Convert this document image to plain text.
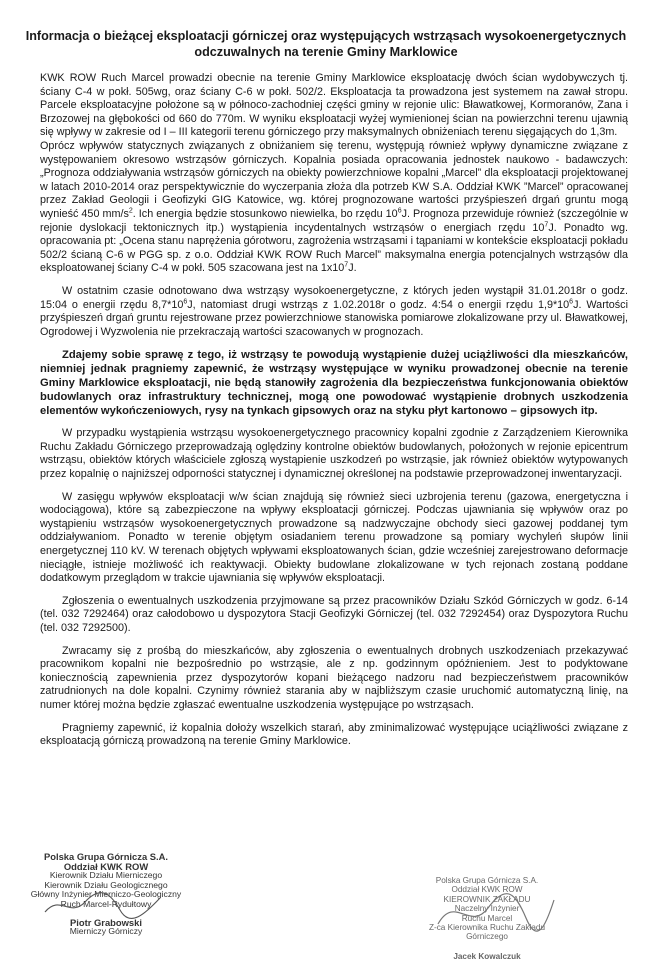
Informacja o bieżącej eksploatacji górniczej oraz występujących wstrząsach wysokoenergetycznych odczuwalnych na terenie Gminy Marklowice

KWK ROW Ruch Marcel prowadzi obecnie na terenie Gminy Marklowice eksploatację dwóch ścian wydobywczych tj. ściany C-4 w pokł. 505wg, oraz ściany C-6 w pokł. 502/2. Eksploatacja ta prowadzona jest systemem na zawał stropu. Parcele eksploatacyjne położone są w północo-zachodniej części gminy w rejonie ulic: Bławatkowej, Kormoranów, Zana i Brzozowej na głębokości od 660 do 770m. W wyniku eksploatacji wyżej wymienionej ścian na powierzchni terenu ujawnią się wpływy w zakresie od I – III kategorii terenu górniczego przy maksymalnych obniżeniach terenu sięgających do 1,3m.

Oprócz wpływów statycznych związanych z obniżaniem się terenu, występują również wpływy dynamiczne związane z występowaniem okresowo wstrząsów górniczych. Kopalnia posiada opracowania jednostek naukowo - badawczych: „Prognoza oddziaływania wstrząsów górniczych na obiekty powierzchniowe kopalni „Marcel” dla eksploatacji projektowanej w latach 2010-2014 oraz perspektywicznie do wyczerpania złoża dla potrzeb KW S.A. Oddział KWK ”Marcel” opracowanej przez Zakład Geologii i Geofizyki GIG Katowice, wg. której prognozowane wartości przyśpieszeń drgań gruntu mogą wynieść 450 $mm/s^2$. Ich energia będzie stosunkowo niewielka, bo rzędu $10^6J$. Prognoza przewiduje również (szczególnie w rejonie dyslokacji tektonicznych itp.) wystąpienia incydentalnych wstrząsów o energiach rzędu $10^7J$. Ponadto wg. opracowania pt: „Ocena stanu naprężenia górotworu, zagrożenia wstrząsami i tąpaniami w kontekście eksploatacji pokładu 502/2 ścianą C-6 w PGG sp. z o.o. Oddział KWK ROW Ruch Marcel” maksymalna energia potencjalnych wstrząsów dla eksploatowanej ściany C-4 w pokł. 505 szacowana jest na $1x10^7J$.

W ostatnim czasie odnotowano dwa wstrząsy wysokoenergetyczne, z których jeden wystąpił 31.01.2018r o godz. 15:04 o energii rzędu $8,7*10^6J$, natomiast drugi wstrząs z 1.02.2018r o godz. 4:54 o energii rzędu $1,9*10^6J$. Wartości przyśpieszeń drgań gruntu rejestrowane przez powierzchniowe stanowiska pomiarowe zlokalizowane przy ul. Bławatkowej, Ogrodowej i Wyzwolenia nie przekraczają wartości szacowanych w prognozach.

Zdajemy sobie sprawę z tego, iż wstrząsy te powodują wystąpienie dużej uciążliwości dla mieszkańców, niemniej jednak pragniemy zapewnić, że wstrząsy występujące w wyniku prowadzonej obecnie na terenie Gminy Marklowice eksploatacji, nie będą stanowiły zagrożenia dla bezpieczeństwa funkcjonowania obiektów budowlanych oraz infrastruktury technicznej, mogą one powodować wystąpienie drobnych uszkodzenia elementów wykończeniowych, rysy na tynkach gipsowych oraz na styku płyt kartonowo – gipsowych itp.

W przypadku wystąpienia wstrząsu wysokoenergetycznego pracownicy kopalni zgodnie z Zarządzeniem Kierownika Ruchu Zakładu Górniczego przeprowadzają oględziny kontrolne obiektów budowlanych, położonych w rejonie epicentrum wstrząsu, obiektów których właściciele zgłoszą wystąpienie uszkodzeń po wstrząsie, jak również obiektów wytypowanych przez kopalnię o najniższej odporności statycznej i dynamicznej określonej na podstawie przeprowadzonej inwentaryzacji.

W zasięgu wpływów eksploatacji w/w ścian znajdują się również sieci uzbrojenia terenu (gazowa, energetyczna i wodociągowa), które są zabezpieczone na wpływy eksploatacji górniczej. Podczas ujawniania się wpływów oraz po wystąpieniu wstrząsów wysokoenergetycznych prowadzone są nadzwyczajne obchody sieci gazowej poddanej tym oddziaływaniom. Ponadto w terenie objętym osiadaniem terenu prowadzone są pomiary wychyleń słupów linii energetycznej 110 kV. W terenach objętych wpływami eksploatowanych ścian, gdzie wcześniej zarejestrowano deformacje nieciągłe, istnieje możliwość ich reaktywacji. Obiekty budowlane zlokalizowane w tych rejonach zostaną poddane dodatkowym przeglądom w trakcie ujawniania się wpływów eksploatacji.

Zgłoszenia o ewentualnych uszkodzenia przyjmowane są przez pracowników Działu Szkód Górniczych w godz. 6-14 (tel. 032 7292464) oraz całodobowo u dyspozytora Stacji Geofizyki Górniczej (tel. 032 7292454) oraz Dyspozytora Ruchu (tel. 032 7292500).

Zwracamy się z prośbą do mieszkańców, aby zgłoszenia o ewentualnych drobnych uszkodzeniach przekazywać pracownikom kopalni nie bezpośrednio po wstrząsie, ale z np. godzinnym opóźnieniem. Jest to podyktowane koniecznością zapewnienia przez dyspozytorów kopani bieżącego nadzoru nad bezpieczeństwem pracowników zatrudnionych na dole kopalni. Czynimy również starania aby w najbliższym czasie uruchomić automatyczną linię, na numer której można będzie zgłaszać ewentualne uszkodzenia występujące po wstrząsach.

Pragniemy zapewnić, iż kopalnia dołoży wszelkich starań, aby zminimalizować występujące uciążliwości związane z eksploatacją górniczą prowadzoną na terenie Gminy Marklowice.

Polska Grupa Górnicza S.A.
Oddział KWK ROW
Kierownik Działu Mierniczego
Kierownik Działu Geologicznego
Główny Inżynier Mierniczo-Geologiczny
Ruch Marcel-Rydułtowy
Piotr Grabowski
Mierniczy Górniczy
Polska Grupa Górnicza S.A.
Oddział KWK ROW
KIEROWNIK ZAKŁADU
Naczelny Inżynier
Ruchu Marcel
Z-ca Kierownika Ruchu Zakładu Górniczego
Jacek Kowalczuk
